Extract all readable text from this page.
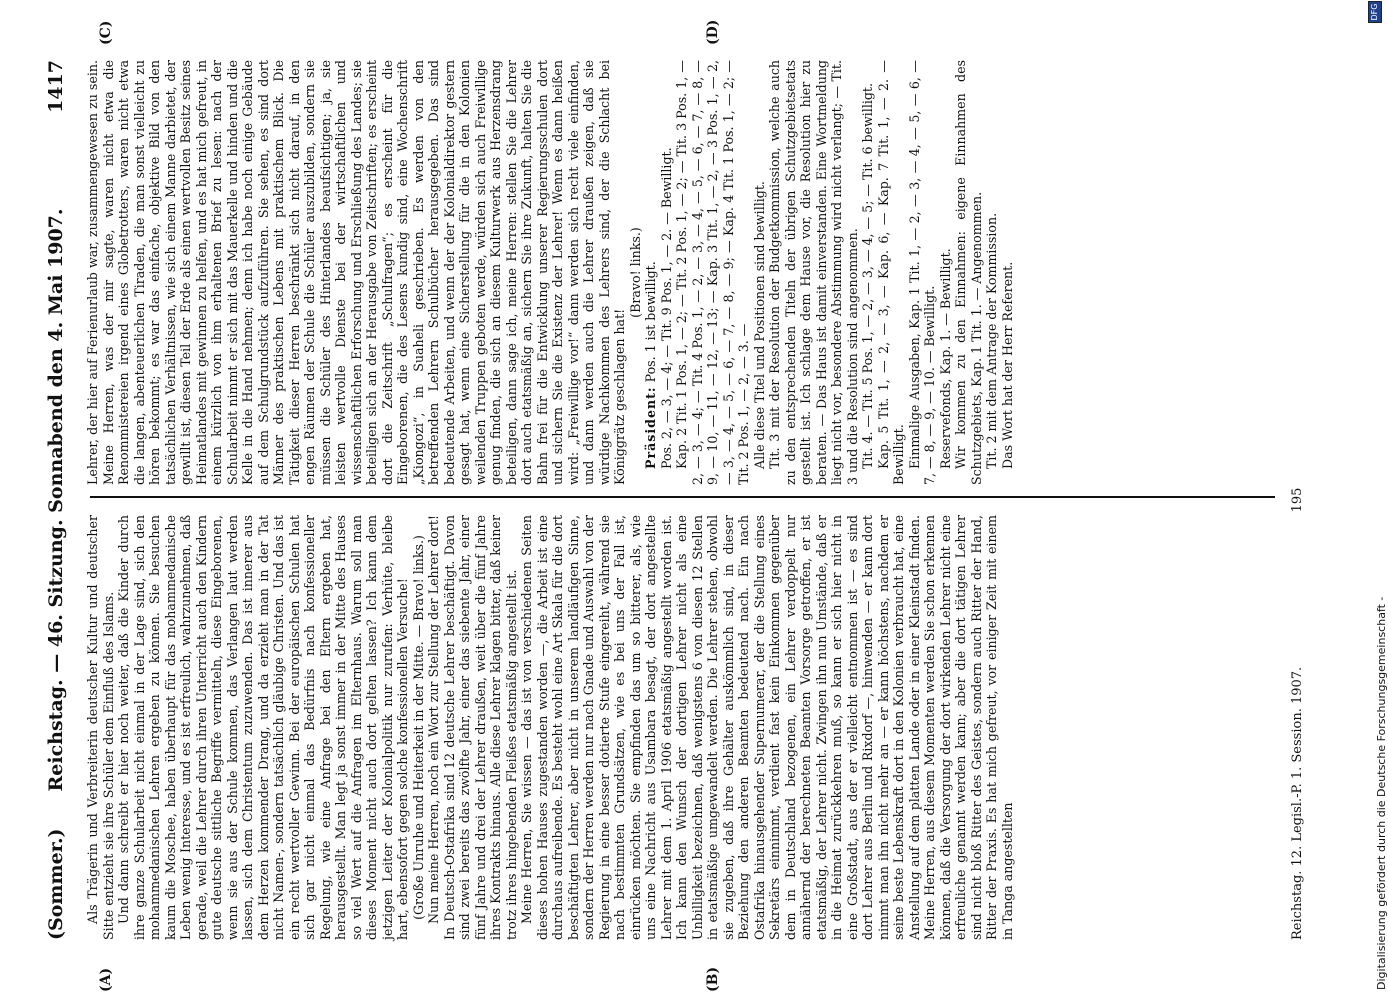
(Sommer.)
Reichstag. — 46. Sitzung. Sonnabend den 4. Mai 1907.
1417
(A)	(B)
(C)	(D)

Als Trägerin und Verbreiterin deutscher Kultur und deutscher Sitte entzieht sie ihre Schüler dem Einfluß des Islams. Und dann schreibt er hier noch weiter, daß die Kinder durch ihre ganze Schularbeit nicht einmal in der Lage sind, sich den mohammedanischen Lehren ergeben zu können. Sie besuchen kaum die Moschee, haben überhaupt für das mohammedanische Leben wenig Interesse, und es ist erfreulich, wahrzunehmen, daß gerade, weil die Lehrer durch ihren Unterricht auch den Kindern gute deutsche sittliche Begriffe vermitteln, diese Eingeborenen, wenn sie aus der Schule kommen, das Verlangen laut werden lassen, sich dem Christentum zuzuwenden. Das ist innerer aus dem Herzen kommender Drang, und da erzieht man in der Tat nicht Namen-, sondern tatsächlich gläubige Christen. Und das ist ein recht wertvoller Gewinn. Bei der europäischen Schulen hat sich gar nicht einmal das Bedürfnis nach konfessioneller Regelung, wie eine Anfrage bei den Eltern ergeben hat, herausgestellt. Man legt ja sonst immer in der Mitte des Hauses so viel Wert auf die Anfragen im Elternhaus. Warum soll man dieses Moment nicht auch dort gelten lassen? Ich kann dem jetzigen Leiter der Kolonialpolitik nur zurufen: Verhüte, bleibe hart, ebensofort gegen solche konfessionellen Versuche! (Große Unruhe und Heiterkeit in der Mitte. — Bravo! links.) Nun meine Herren, noch ein Wort zur Stellung der Lehrer dort! In Deutsch-Ostafrika sind 12 deutsche Lehrer beschäftigt. Davon sind zwei bereits das zwölfte Jahr, einer das siebente Jahr, einer fünf Jahre und drei der Lehrer draußen, weit über die fünf Jahre ihres Kontrakts hinaus. Alle diese Lehrer klagen bitter, daß keiner trotz ihres hingebenden Fleißes etatsmäßig angestellt ist. Meine Herren, Sie wissen — das ist von verschiedenen Seiten dieses hohen Hauses zugestanden worden —, die Arbeit ist eine durchaus aufreibende. Es besteht wohl eine Art Skala für die dort beschäftigten Lehrer, aber nicht in unserem landläufigen Sinne, sondern der Herren werden nur nach Gnade und Auswahl von der Regierung in eine besser dotierte Stufe eingereiht, während sie nach bestimmten Grundsätzen, wie es bei uns der Fall ist, einrücken möchten. Sie empfinden das um so bitterer, als, wie uns eine Nachricht aus Usambara besagt, der dort angestellte Lehrer mit dem 1. April 1906 etatsmäßig angestellt worden ist. Ich kann den Wunsch der dortigen Lehrer nicht als eine Unbilligkeit bezeichnen, daß wenigstens 6 von diesen 12 Stellen in etatsmäßige umgewandelt werden. Die Lehrer stehen, obwohl sie zugeben, daß ihre Gehälter auskömmlich sind, in dieser Beziehung den anderen Beamten bedeutend nach. Ein nach Ostafrika hinausgehender Supernumerar, der die Stellung eines Sekretärs einnimmt, verdient fast kein Einkommen gegenüber dem in Deutschland bezogenen, ein Lehrer verdoppelt nur annähernd der berechneten Beamten Vorsorge getroffen, er ist etatsmäßig, der Lehrer nicht. Zwingen ihn nun Umstände, daß er in die Heimat zurückkehren muß, so kann er sich hier nicht in eine Großstadt, aus der er vielleicht entnommen ist — es sind dort Lehrer aus Berlin und Rixdorf —, hinwenden — er kann dort nimmt man ihn nicht mehr an — er kann höchstens, nachdem er seine beste Lebenskraft dort in den Kolonien verbraucht hat, eine Anstellung auf dem platten Lande oder in einer Kleinstadt finden. Meine Herren, aus diesem Momenten werden Sie schon erkennen können, daß die Versorgung der dort wirkenden Lehrer nicht eine erfreuliche genannt werden kann; aber die dort tätigen Lehrer sind nicht bloß Ritter des Geistes, sondern auch Ritter der Hand, Ritter der Praxis. Es hat mich gefreut, vor einiger Zeit mit einem in Tanga angestellten

Lehrer, der hier auf Ferienurlaub war, zusammengewesen zu sein. Meine Herren, was der mir sagte, waren nicht etwa die Renommistereien irgend eines Globetrotters, waren nicht etwa die langen, abenteuerlichen Tiraden, die man sonst vielleicht zu hören bekommt; es war das einfache, objektive Bild von den tatsächlichen Verhältnissen, wie sich einem Manne darbietet, der gewillt ist, diesen Teil der Erde als einen wertvollen Besitz seines Heimatlandes mit gewinnen zu helfen, und es hat mich gefreut, in einem kürzlich von ihm erhaltenen Brief zu lesen: nach der Schularbeit nimmt er sich mit das Mauerkelle und hinden und die Kelle in die Hand nehmen; denn ich habe noch einige Gebäude auf dem Schulgrundstück aufzuführen. Sie sehen, es sind dort Männer des praktischen Lebens mit praktischem Blick. Die Tätigkeit dieser Herren beschränkt sich nicht darauf, in den engen Räumen der Schule die Schüler auszubilden, sondern sie müssen die Schüler des Hinterlandes beaufsichtigen; ja, sie leisten wertvolle Dienste bei der wirtschaftlichen und wissenschaftlichen Erforschung und Erschließung des Landes; sie beteiligen sich an der Herausgabe von Zeitschriften; es erscheint dort die Zeitschrift „Schulfragen“; es erscheint für die Eingeborenen, die des Lesens kundig sind, eine Wochenschrift „Kiongozi“, in Suaheli geschrieben. Es werden von den betreffenden Lehrern Schulbücher herausgegeben. Das sind bedeutende Arbeiten, und wenn der der Kolonialdirektor gestern gesagt hat, wenn eine Sicherstellung für die in den Kolonien weilenden Truppen geboten werde, würden sich auch Freiwillige genug finden, die sich an diesem Kulturwerk aus Herzensdrang beteiligen, dann sage ich, meine Herren: stellen Sie die Lehrer dort auch etatsmäßig an, sichern Sie ihre Zukunft, halten Sie die Bahn frei für die Entwicklung unserer Regierungsschulen dort und sichern Sie die Existenz der Lehrer! Wenn es dann heißen wird: „Freiwillige vor!“ dann werden sich recht viele einfinden, und dann werden auch die Lehrer draußen zeigen, daß sie würdige Nachkommen des Lehrers sind, der die Schlacht bei Königgrätz geschlagen hat!

(Bravo! links.)

Präsident: Pos. 1 ist bewilligt. Pos. 2, — 3, — 4; — Tit. 9 Pos. 1, — 2. — Bewilligt. Kap. 2 Tit. 1 Pos. 1, — 2; — Tit. 2 Pos. 1, — 2; — Tit. 3 Pos. 1, — 2, — 3, — 4; — Tit. 4 Pos. 1, — 2, — 3, — 4, — 5, — 6, — 7, — 8, — 9, — 10, — 11, — 12, — 13; — Kap. 3 Tit. 1, — 2, — 3 Pos. 1, — 2, — 3, — 4, — 5, — 6, — 7, — 8, — 9; — Kap. 4 Tit. 1 Pos. 1, — 2; — Tit. 2 Pos. 1, — 2, — 3. — Alle diese Titel und Positionen sind bewilligt. Tit. 3 mit der Resolution der Budgetkommission, welche auch zu den entsprechenden Titeln der übrigen Schutzgebietsetats gestellt ist. Ich schlage dem Hause vor, die Resolution hier zu beraten. — Das Haus ist damit einverstanden. Eine Wortmeldung liegt nicht vor, besondere Abstimmung wird nicht verlangt; — Tit. 3 und die Resolution sind angenommen. Tit. 4. — Tit. 5 Pos. 1, — 2, — 3, — 4, — 5; — Tit. 6 bewilligt. Kap. 5 Tit. 1, — 2, — 3, — Kap. 6, — Kap. 7 Tit. 1, — 2. — Bewilligt. Einmalige Ausgaben, Kap. 1 Tit. 1, — 2, — 3, — 4, — 5, — 6, — 7, — 8, — 9, — 10. — Bewilligt. Reservefonds, Kap. 1. — Bewilligt. Wir kommen zu den Einnahmen: eigene Einnahmen des Schutzgebiets, Kap. 1 Tit. 1. — Angenommen. Tit. 2 mit dem Antrage der Kommission. Das Wort hat der Herr Referent.

Reichstag. 12. Legisl.-P. 1. Session. 1907.
195
Digitalisierung gefördert durch die Deutsche Forschungsgemeinschaft -
DFG
